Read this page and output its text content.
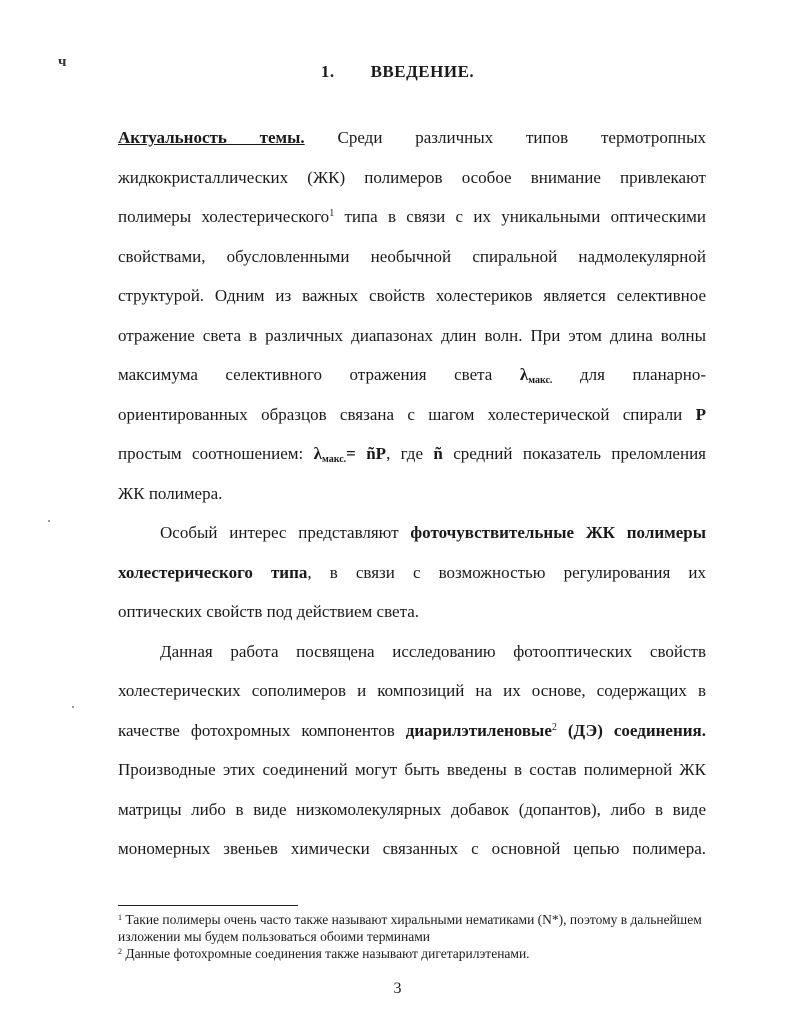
ч	1. ВВЕДЕНИЕ.

Актуальность темы. Среди различных типов термотропных
жидкокристаллических (ЖК) полимеров особое внимание привлекают
полимеры холестерического$^1$ типа в связи с их уникальными оптическими
свойствами, обусловленными необычной спиральной надмолекулярной
структурой. Одним из важных свойств холестериков является селективное
отражение света в различных диапазонах длин волн. При этом длина волны
максимума селективного отражения света $\lambda_{макс.}$ для планарно-
ориентированных образцов связана с шагом холестерической спирали P
простым соотношением: $\lambda_{макс.}=$ ñP, где ñ средний показатель преломления
ЖК полимера.

Особый интерес представляют фоточувствительные ЖК полимеры
холестерического типа, в связи с возможностью регулирования их
оптических свойств под действием света.

Данная работа посвящена исследованию фотооптических свойств
холестерических сополимеров и композиций на их основе, содержащих в
качестве фотохромных компонентов диарилэтиленовые$^2$ (ДЭ) соединения.
Производные этих соединений могут быть введены в состав полимерной ЖК
матрицы либо в виде низкомолекулярных добавок (допантов), либо в виде
мономерных звеньев химически связанных с основной цепью полимера.

$^1$ Такие полимеры очень часто также называют хиральными нематиками (N*), поэтому в дальнейшем изложении мы будем пользоваться обоими терминами

$^2$ Данные фотохромные соединения также называют дигетарилэтенами.

3
